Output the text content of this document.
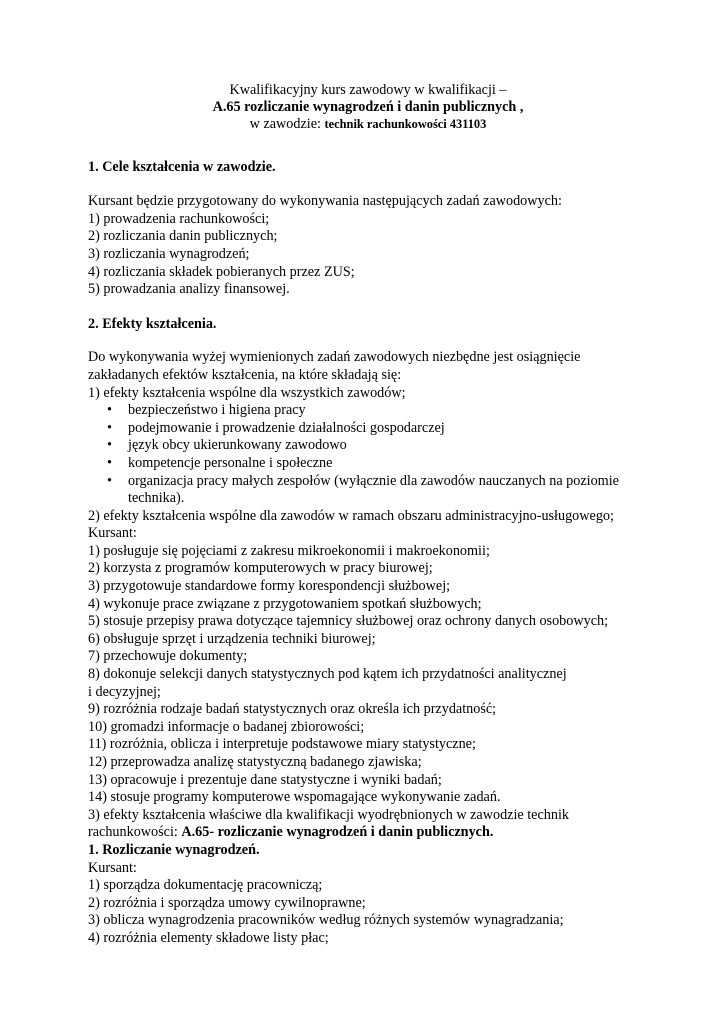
Kwalifikacyjny kurs zawodowy w kwalifikacji –
A.65 rozliczanie wynagrodzeń i danin publicznych ,
w zawodzie: technik rachunkowości 431103
1. Cele kształcenia w zawodzie.
Kursant będzie przygotowany do wykonywania następujących zadań zawodowych:
1) prowadzenia rachunkowości;
2) rozliczania danin publicznych;
3) rozliczania wynagrodzeń;
4) rozliczania składek pobieranych przez ZUS;
5) prowadzania analizy finansowej.
2. Efekty kształcenia.
Do wykonywania wyżej wymienionych zadań zawodowych niezbędne jest osiągnięcie
zakładanych efektów kształcenia, na które składają się:
1) efekty kształcenia wspólne dla wszystkich zawodów;
• bezpieczeństwo i higiena pracy
• podejmowanie i prowadzenie działalności gospodarczej
• język obcy ukierunkowany zawodowo
• kompetencje personalne i społeczne
• organizacja pracy małych zespołów (wyłącznie dla zawodów nauczanych na poziomie technika).
2) efekty kształcenia wspólne dla zawodów w ramach obszaru administracyjno-usługowego;
Kursant:
1) posługuje się pojęciami z zakresu mikroekonomii i makroekonomii;
2) korzysta z programów komputerowych w pracy biurowej;
3) przygotowuje standardowe formy korespondencji służbowej;
4) wykonuje prace związane z przygotowaniem spotkań służbowych;
5) stosuje przepisy prawa dotyczące tajemnicy służbowej oraz ochrony danych osobowych;
6) obsługuje sprzęt i urządzenia techniki biurowej;
7) przechowuje dokumenty;
8) dokonuje selekcji danych statystycznych pod kątem ich przydatności analitycznej
i decyzyjnej;
9) rozróżnia rodzaje badań statystycznych oraz określa ich przydatność;
10) gromadzi informacje o badanej zbiorowości;
11) rozróżnia, oblicza i interpretuje podstawowe miary statystyczne;
12) przeprowadza analizę statystyczną badanego zjawiska;
13) opracowuje i prezentuje dane statystyczne i wyniki badań;
14) stosuje programy komputerowe wspomagające wykonywanie zadań.
3) efekty kształcenia właściwe dla kwalifikacji wyodrębnionych w zawodzie technik
rachunkowości: A.65- rozliczanie wynagrodzeń i danin publicznych.
1. Rozliczanie wynagrodzeń.
Kursant:
1) sporządza dokumentację pracowniczą;
2) rozróżnia i sporządza umowy cywilnoprawne;
3) oblicza wynagrodzenia pracowników według różnych systemów wynagradzania;
4) rozróżnia elementy składowe listy płac;
